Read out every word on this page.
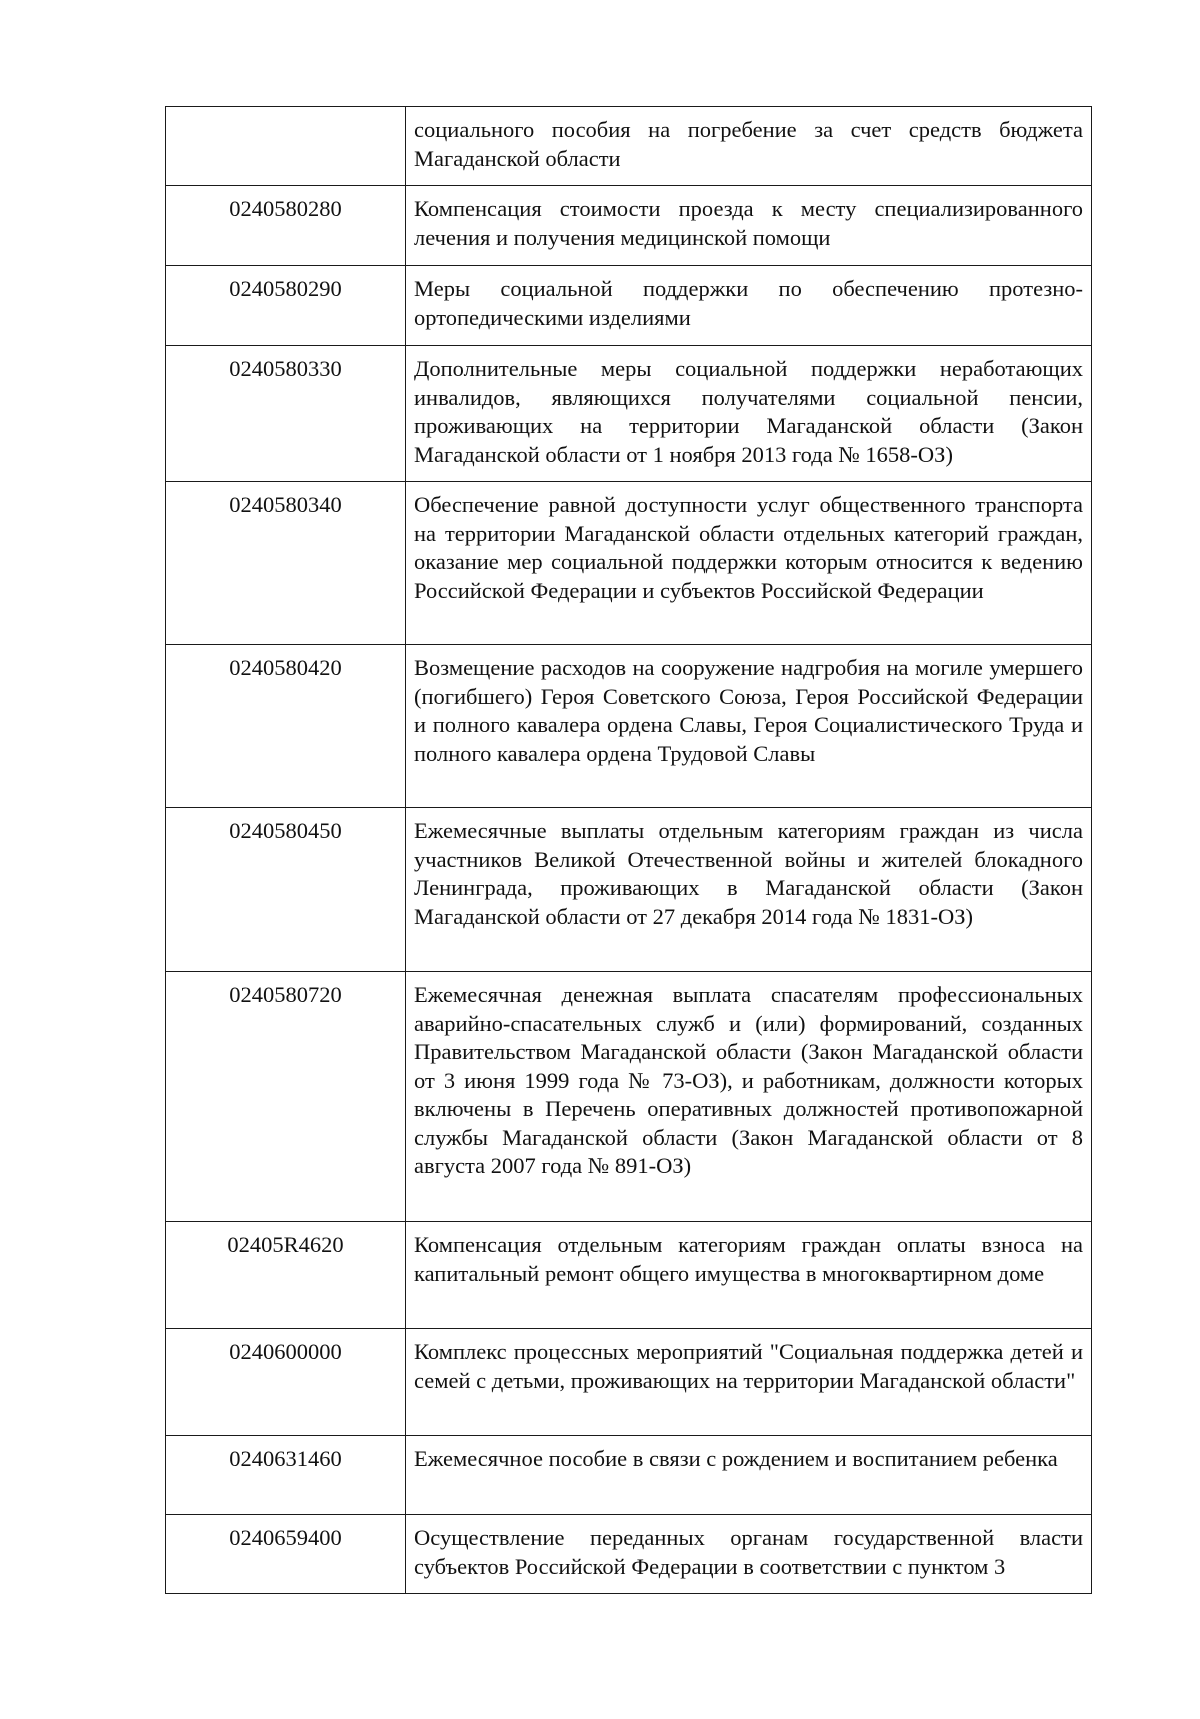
	социального пособия на погребение за счет средств бюджета Магаданской области

0240580280	Компенсация стоимости проезда к месту специализированного лечения и получения медицинской помощи

0240580290	Меры социальной поддержки по обеспечению протезно-ортопедическими изделиями

0240580330	Дополнительные меры социальной поддержки неработающих инвалидов, являющихся получателями социальной пенсии, проживающих на территории Магаданской области (Закон Магаданской области от 1 ноября 2013 года № 1658-ОЗ)

0240580340	Обеспечение равной доступности услуг общественного транспорта на территории Магаданской области отдельных категорий граждан, оказание мер социальной поддержки которым относится к ведению Российской Федерации и субъектов Российской Федерации

0240580420	Возмещение расходов на сооружение надгробия на могиле умершего (погибшего) Героя Советского Союза, Героя Российской Федерации и полного кавалера ордена Славы, Героя Социалистического Труда и полного кавалера ордена Трудовой Славы

0240580450	Ежемесячные выплаты отдельным категориям граждан из числа участников Великой Отечественной войны и жителей блокадного Ленинграда, проживающих в Магаданской области (Закон Магаданской области от 27 декабря 2014 года № 1831-ОЗ)

0240580720	Ежемесячная денежная выплата спасателям профессиональных аварийно-спасательных служб и (или) формирований, созданных Правительством Магаданской области (Закон Магаданской области от 3 июня 1999 года № 73-ОЗ), и работникам, должности которых включены в Перечень оперативных должностей противопожарной службы Магаданской области (Закон Магаданской области от 8 августа 2007 года № 891-ОЗ)

02405R4620	Компенсация отдельным категориям граждан оплаты взноса на капитальный ремонт общего имущества в многоквартирном доме

0240600000	Комплекс процессных мероприятий "Социальная поддержка детей и семей с детьми, проживающих на территории Магаданской области"

0240631460	Ежемесячное пособие в связи с рождением и воспитанием ребенка

0240659400	Осуществление переданных органам государственной власти субъектов Российской Федерации в соответствии с пунктом 3
